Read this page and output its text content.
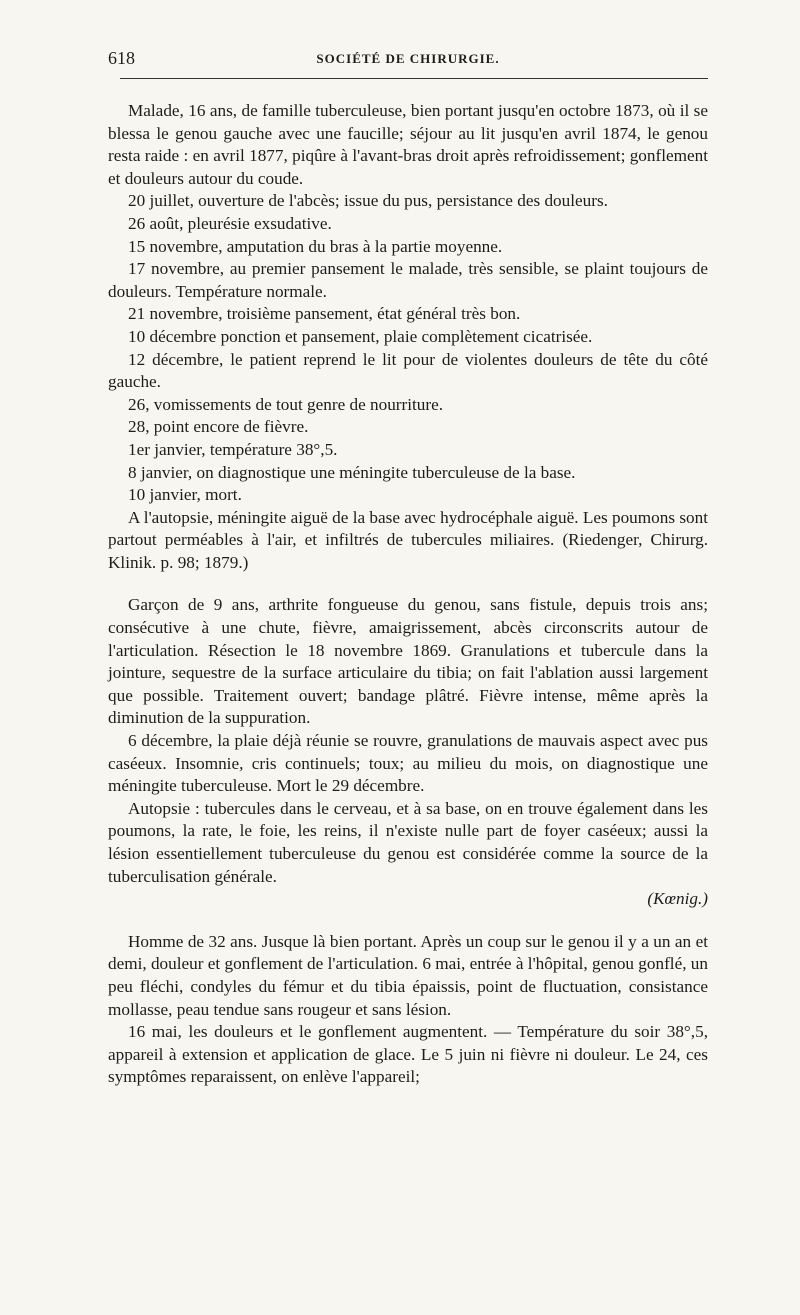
618	SOCIÉTÉ DE CHIRURGIE.

Malade, 16 ans, de famille tuberculeuse, bien portant jusqu'en octobre 1873, où il se blessa le genou gauche avec une faucille; séjour au lit jusqu'en avril 1874, le genou resta raide : en avril 1877, piqûre à l'avant-bras droit après refroidissement; gonflement et douleurs autour du coude.

20 juillet, ouverture de l'abcès; issue du pus, persistance des douleurs.

26 août, pleurésie exsudative.

15 novembre, amputation du bras à la partie moyenne.

17 novembre, au premier pansement le malade, très sensible, se plaint toujours de douleurs. Température normale.

21 novembre, troisième pansement, état général très bon.

10 décembre ponction et pansement, plaie complètement cicatrisée.

12 décembre, le patient reprend le lit pour de violentes douleurs de tête du côté gauche.

26, vomissements de tout genre de nourriture.

28, point encore de fièvre.

1er janvier, température 38°,5.

8 janvier, on diagnostique une méningite tuberculeuse de la base.

10 janvier, mort.

A l'autopsie, méningite aiguë de la base avec hydrocéphale aiguë. Les poumons sont partout perméables à l'air, et infiltrés de tubercules miliaires. (Riedenger, Chirurg. Klinik. p. 98; 1879.)

Garçon de 9 ans, arthrite fongueuse du genou, sans fistule, depuis trois ans; consécutive à une chute, fièvre, amaigrissement, abcès circonscrits autour de l'articulation. Résection le 18 novembre 1869. Granulations et tubercule dans la jointure, sequestre de la surface articulaire du tibia; on fait l'ablation aussi largement que possible. Traitement ouvert; bandage plâtré. Fièvre intense, même après la diminution de la suppuration.

6 décembre, la plaie déjà réunie se rouvre, granulations de mauvais aspect avec pus caséeux. Insomnie, cris continuels; toux; au milieu du mois, on diagnostique une méningite tuberculeuse. Mort le 29 décembre.

Autopsie : tubercules dans le cerveau, et à sa base, on en trouve également dans les poumons, la rate, le foie, les reins, il n'existe nulle part de foyer caséeux; aussi la lésion essentiellement tuberculeuse du genou est considérée comme la source de la tuberculisation générale.

(Kœnig.)

Homme de 32 ans. Jusque là bien portant. Après un coup sur le genou il y a un an et demi, douleur et gonflement de l'articulation. 6 mai, entrée à l'hôpital, genou gonflé, un peu fléchi, condyles du fémur et du tibia épaissis, point de fluctuation, consistance mollasse, peau tendue sans rougeur et sans lésion.

16 mai, les douleurs et le gonflement augmentent. — Température du soir 38°,5, appareil à extension et application de glace. Le 5 juin ni fièvre ni douleur. Le 24, ces symptômes reparaissent, on enlève l'appareil;
